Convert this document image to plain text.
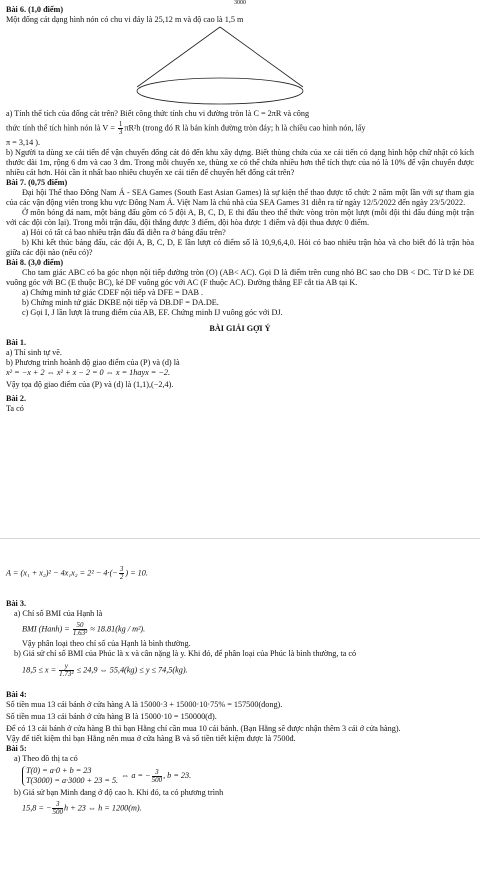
3000

Bài 6. (1,0 điểm)

Một đống cát dạng hình nón có chu vi đáy là 25,12 m và độ cao là 1,5 m

a) Tính thể tích của đống cát trên? Biết công thức tính chu vi đường tròn là C = 2πR và công

thức tính thể tích hình nón là $V = \frac{1}{3} \pi R^2h$ (trong đó R là bán kính đường tròn đáy; h là chiều cao hình nón, lấy

π = 3,14 ).

b) Người ta dùng xe cải tiến để vận chuyển đống cát đó đến khu xây dựng. Biết thùng chứa của xe cải tiến có dạng hình hộp chữ nhật có kích thước dài 1m, rộng 6 dm và cao 3 dm. Trong mỗi chuyến xe, thùng xe có thể chứa nhiều hơn thể tích thực của nó là 10% để vận chuyển được nhiều cát hơn. Hỏi cần ít nhất bao nhiêu chuyến xe cải tiến để chuyển hết đống cát trên?

Bài 7. (0,75 điểm)

Đại hội Thể thao Đông Nam Á - SEA Games (South East Asian Games) là sự kiện thể thao được tổ chức 2 năm một lần với sự tham gia của các vận động viên trong khu vực Đông Nam Á. Việt Nam là chủ nhà của SEA Games 31 diễn ra từ ngày 12/5/2022 đến ngày 23/5/2022.

Ở môn bóng đá nam, một bảng đấu gồm có 5 đội A, B, C, D, E thi đấu theo thể thức vòng tròn một lượt (mỗi đội thi đấu đúng một trận với các đội còn lại). Trong mỗi trận đấu, đội thắng được 3 điểm, đội hòa được 1 điểm và đội thua được 0 điểm.

a) Hỏi có tất cả bao nhiêu trận đấu đã diễn ra ở bảng đấu trên?

b) Khi kết thúc bảng đấu, các đội A, B, C, D, E lần lượt có điểm số là 10,9,6,4,0. Hỏi có bao nhiêu trận hòa và cho biết đó là trận hòa giữa các đội nào (nếu có)?

Bài 8. (3,0 điểm)

Cho tam giác ABC có ba góc nhọn nội tiếp đường tròn (O) (AB< AC). Gọi D là điểm trên cung nhỏ BC sao cho DB < DC. Từ D kẻ DE vuông góc với BC (E thuộc BC), kẻ DF vuông góc với AC (F thuộc AC). Đường thẳng EF cắt tia AB tại K.

a) Chứng minh tứ giác CDEF nội tiếp và DFE = DAB .

b) Chứng minh tứ giác DKBE nội tiếp và DB.DF = DA.DE.

c) Gọi I, J lần lượt là trung điểm của AB, EF. Chứng minh IJ vuông góc với DJ.

BÀI GIẢI GỢI Ý

Bài 1.

a) Thí sinh tự vẽ.

b) Phương trình hoành độ giao điểm của (P) và (d) là

x² = −x + 2 ⇔ x² + x − 2 = 0 ⇔ x = 1hayx = −2.

Vậy tọa độ giao điểm của (P) và (d) là (1,1),(−2,4).

Bài 2.

Ta có

$A = (x_1 + x_2)^2 - 4x_1x_2 = 2^2 - 4\cdot(- \frac{3}{2}$ ) = 10.

Bài 3.

a) Chỉ số BMI của Hạnh là

BMI (Hanh) = $\frac{50}{\text{1.63²}} \approx 18.81(kg / m^2)$.

Vậy phân loại theo chỉ số của Hạnh là bình thường.

b) Giả sử chỉ số BMI của Phúc là x và cân nặng là y. Khi đó, để phân loại của Phúc là bình thường, ta có

$18,5 \le x = \frac{y}{\text{1.73²}} \le 24,9$ ⇔ 55,4(kg) ≤ y ≤ 74,5(kg).

Bài 4:

Số tiền mua 13 cái bánh ở cửa hàng A là 15000·3 + 15000·10·75% = 157500(đong).

Số tiền mua 13 cái bánh ở cửa hàng B là 15000·10 = 150000(đ).

Để có 13 cái bánh ở cửa hàng B thì bạn Hằng chỉ cần mua 10 cái bánh. (Bạn Hằng sẽ được nhận thêm 3 cái ở cửa hàng).

Vậy để tiết kiệm thì bạn Hằng nên mua ở cửa hàng B và số tiền tiết kiệm được là 7500đ.

Bài 5:

a) Theo đồ thị ta có

T(0) = a·0 + b = 23
T(3000) = a·3000 + 23 = 5.
⇔ a = − $\frac{3}{500}$ , b = 23.

b) Giả sử bạn Minh đang ở độ cao h. Khi đó, ta có phương trình

15,8 = − $\frac{3}{500}$ h + 23 ⇔ h = 1200(m).
